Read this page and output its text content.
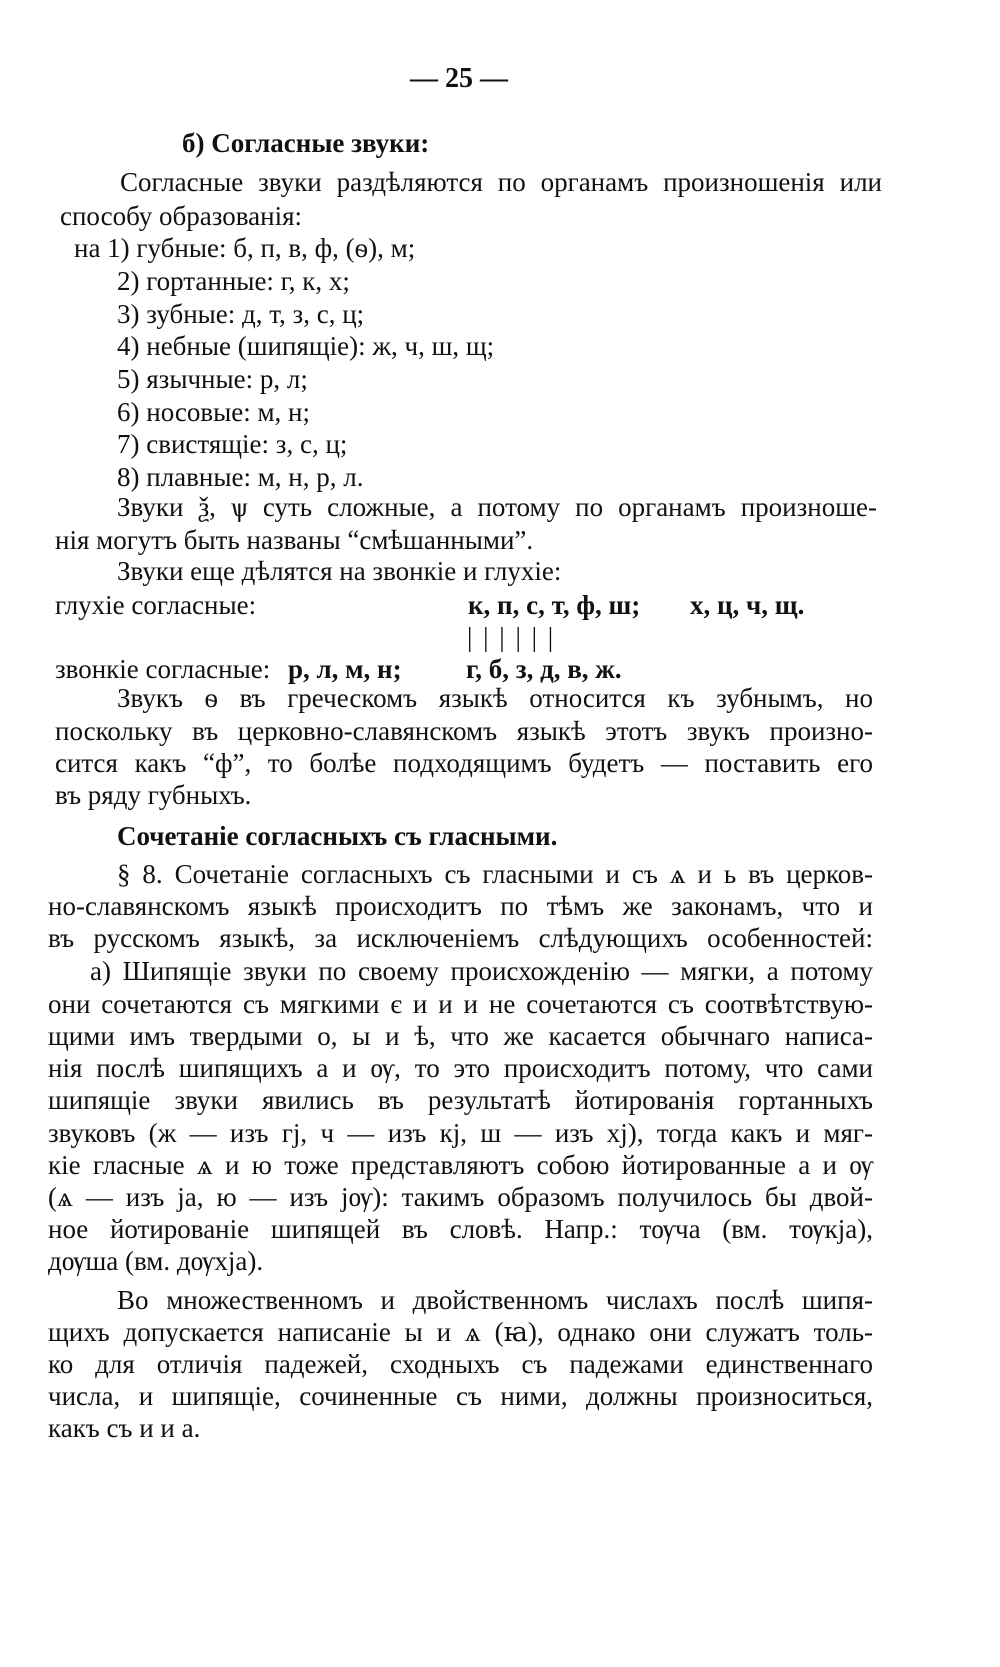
— 25 —
б) Согласные звуки:
Согласные звуки раздѣляются по органамъ произношенія или
способу образованія:
на 1) губные: б, п, в, ф, (ѳ), м;
2) гортанные: г, к, х;
3) зубные: д, т, з, с, ц;
4) небные (шипящіе): ж, ч, ш, щ;
5) язычные: р, л;
6) носовые: м, н;
7) свистящіе: з, с, ц;
8) плавные: м, н, р, л.
Звуки ѯ, ѱ суть сложные, а потому по органамъ произноше-
нія могутъ быть названы “смѣшанными”.
Звуки еще дѣлятся на звонкіе и глухіе:
глухіе согласные:	к, п, с, т, ф, ш; х, ц, ч, щ.
| | | | | |
звонкіе согласные: р, л, м, н; г, б, з, д, в, ж.
Звукъ ѳ въ греческомъ языкѣ относится къ зубнымъ, но
поскольку въ церковно-славянскомъ языкѣ этотъ звукъ произно-
сится какъ “ф”, то болѣе подходящимъ будетъ — поставить его
въ ряду губныхъ.
Сочетаніе согласныхъ съ гласными.
§ 8. Сочетаніе согласныхъ съ гласными и съ ѧ и ь въ церков-
но-славянскомъ языкѣ происходитъ по тѣмъ же законамъ, что и
въ русскомъ языкѣ, за исключеніемъ слѣдующихъ особенностей:
а) Шипящіе звуки по своему происхожденію — мягки, а потому
они сочетаются съ мягкими є и и и не сочетаются съ соотвѣтствую-
щими имъ твердыми о, ы и ѣ, что же касается обычнаго написа-
нія послѣ шипящихъ а и ѹ, то это происходитъ потому, что сами
шипящіе звуки явились въ результатѣ йотированія гортанныхъ
звуковъ (ж — изъ гј, ч — изъ кј, ш — изъ хј), тогда какъ и мяг-
кіе гласные ѧ и ю тоже представляютъ собою йотированные а и ѹ
(ѧ — изъ ја, ю — изъ јѹ): такимъ образомъ получилось бы двой-
ное йотированіе шипящей въ словѣ. Напр.: тѹча (вм. тѹкја),
дѹша (вм. дѹхја).
Во множественномъ и двойственномъ числахъ послѣ шипя-
щихъ допускается написаніе ы и ѧ (ꙗ), однако они служатъ толь-
ко для отличія падежей, сходныхъ съ падежами единственнаго
числа, и шипящіе, сочиненные съ ними, должны произноситься,
какъ съ и и а.
